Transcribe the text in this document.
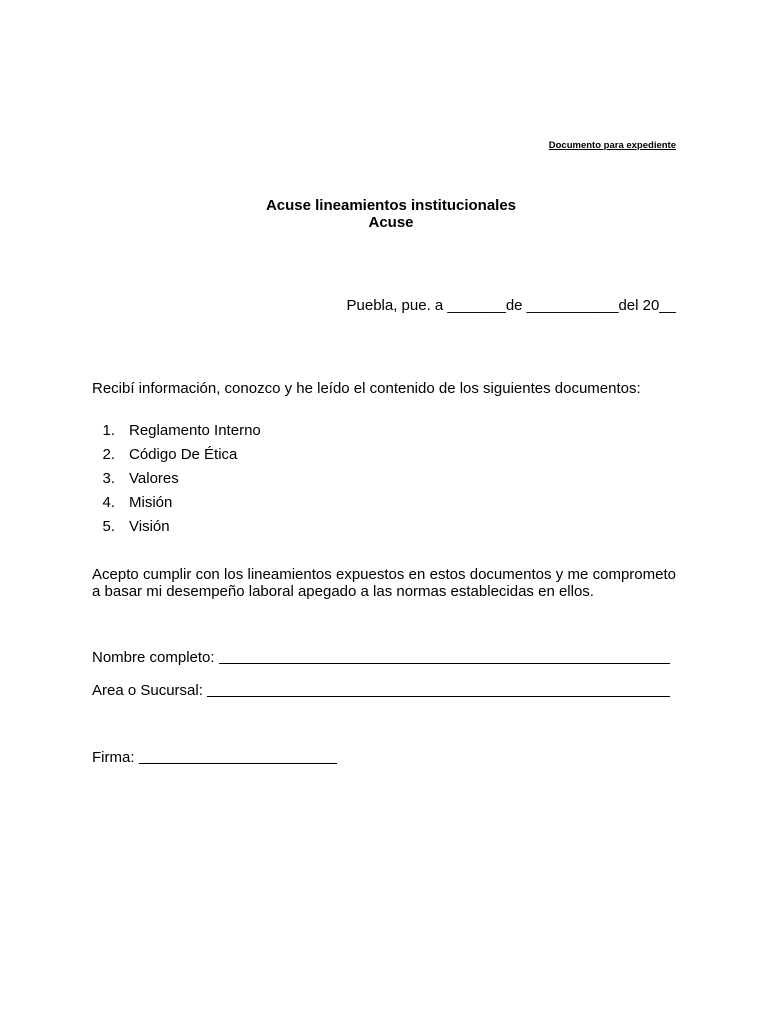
Documento para expediente
Acuse lineamientos institucionales
Acuse
Puebla, pue. a _______de ___________del 20__
Recibí información, conozco y he leído el contenido de los siguientes documentos:
1. Reglamento Interno
2. Código De Ética
3. Valores
4. Misión
5. Visión

Acepto cumplir con los lineamientos expuestos en estos documentos y me comprometo a basar mi desempeño laboral apegado a las normas establecidas en ellos.

Nombre completo:
Area o Sucursal:
Firma:
